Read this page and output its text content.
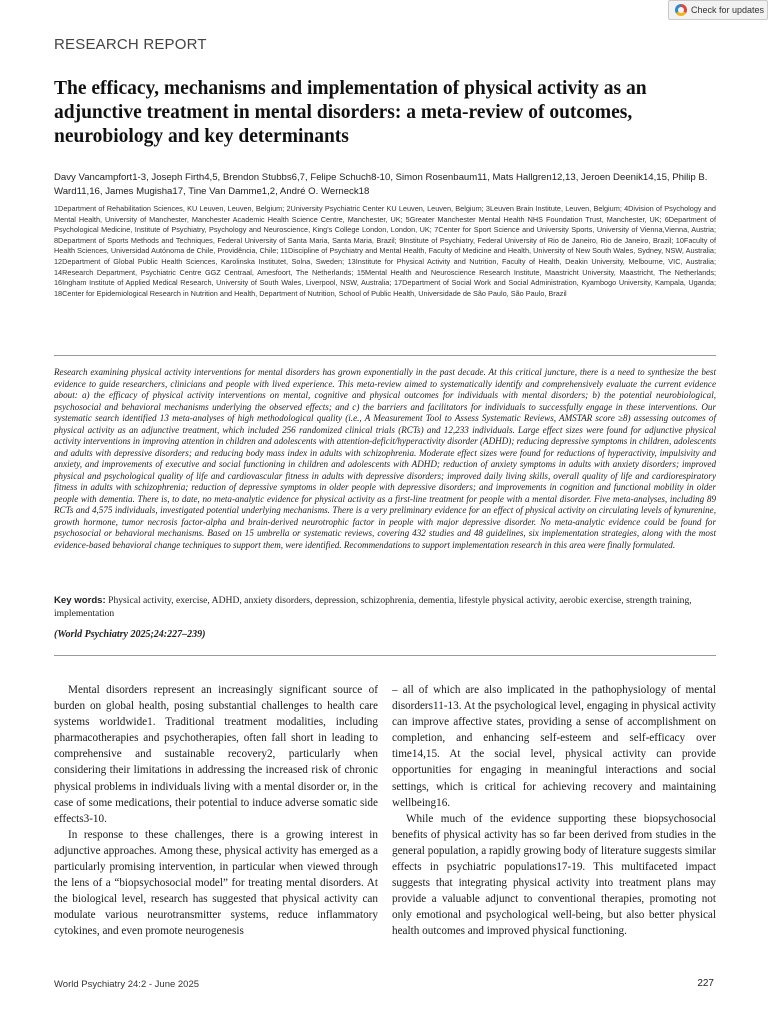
Check for updates
RESEARCH REPORT
The efficacy, mechanisms and implementation of physical activity as an adjunctive treatment in mental disorders: a meta-review of outcomes, neurobiology and key determinants
Davy Vancampfort1-3, Joseph Firth4,5, Brendon Stubbs6,7, Felipe Schuch8-10, Simon Rosenbaum11, Mats Hallgren12,13, Jeroen Deenik14,15, Philip B. Ward11,16, James Mugisha17, Tine Van Damme1,2, André O. Werneck18
1Department of Rehabilitation Sciences, KU Leuven, Leuven, Belgium; 2University Psychiatric Center KU Leuven, Leuven, Belgium; 3Leuven Brain Institute, Leuven, Belgium; 4Division of Psychology and Mental Health, University of Manchester, Manchester Academic Health Science Centre, Manchester, UK; 5Greater Manchester Mental Health NHS Foundation Trust, Manchester, UK; 6Department of Psychological Medicine, Institute of Psychiatry, Psychology and Neuroscience, King's College London, London, UK; 7Center for Sport Science and University Sports, University of Vienna,Vienna, Austria; 8Department of Sports Methods and Techniques, Federal University of Santa Maria, Santa Maria, Brazil; 9Institute of Psychiatry, Federal University of Rio de Janeiro, Rio de Janeiro, Brazil; 10Faculty of Health Sciences, Universidad Autónoma de Chile, Providência, Chile; 11Discipline of Psychiatry and Mental Health, Faculty of Medicine and Health, University of New South Wales, Sydney, NSW, Australia; 12Department of Global Public Health Sciences, Karolinska Institutet, Solna, Sweden; 13Institute for Physical Activity and Nutrition, Faculty of Health, Deakin University, Melbourne, VIC, Australia; 14Research Department, Psychiatric Centre GGZ Centraal, Amesfoort, The Netherlands; 15Mental Health and Neuroscience Research Institute, Maastricht University, Maastricht, The Netherlands; 16Ingham Institute of Applied Medical Research, University of South Wales, Liverpool, NSW, Australia; 17Department of Social Work and Social Administration, Kyambogo University, Kampala, Uganda; 18Center for Epidemiological Research in Nutrition and Health, Department of Nutrition, School of Public Health, Universidade de São Paulo, São Paulo, Brazil
Research examining physical activity interventions for mental disorders has grown exponentially in the past decade. At this critical juncture, there is a need to synthesize the best evidence to guide researchers, clinicians and people with lived experience. This meta-review aimed to systematically identify and comprehensively evaluate the current evidence about: a) the efficacy of physical activity interventions on mental, cognitive and physical outcomes for individuals with mental disorders; b) the potential neurobiological, psychosocial and behavioral mechanisms underlying the observed effects; and c) the barriers and facilitators for individuals to successfully engage in these interventions. Our systematic search identified 13 meta-analyses of high methodological quality (i.e., A Measurement Tool to Assess Systematic Reviews, AMSTAR score ≥8) assessing outcomes of physical activity as an adjunctive treatment, which included 256 randomized clinical trials (RCTs) and 12,233 individuals. Large effect sizes were found for adjunctive physical activity interventions in improving attention in children and adolescents with attention-deficit/hyperactivity disorder (ADHD); reducing depressive symptoms in children, adolescents and adults with depressive disorders; and reducing body mass index in adults with schizophrenia. Moderate effect sizes were found for reductions of hyperactivity, impulsivity and anxiety, and improvements of executive and social functioning in children and adolescents with ADHD; reduction of anxiety symptoms in adults with anxiety disorders; improved physical and psychological quality of life and cardiovascular fitness in adults with depressive disorders; improved daily living skills, overall quality of life and cardiorespiratory fitness in adults with schizophrenia; reduction of depressive symptoms in older people with depressive disorders; and improvements in cognition and functional mobility in older people with dementia. There is, to date, no meta-analytic evidence for physical activity as a first-line treatment for people with a mental disorder. Five meta-analyses, including 89 RCTs and 4,575 individuals, investigated potential underlying mechanisms. There is a very preliminary evidence for an effect of physical activity on circulating levels of kynurenine, growth hormone, tumor necrosis factor-alpha and brain-derived neurotrophic factor in people with major depressive disorder. No meta-analytic evidence could be found for psychosocial or behavioral mechanisms. Based on 15 umbrella or systematic reviews, covering 432 studies and 48 guidelines, six implementation strategies, along with the most evidence-based behavioral change techniques to support them, were identified. Recommendations to support implementation research in this area were finally formulated.
Key words: Physical activity, exercise, ADHD, anxiety disorders, depression, schizophrenia, dementia, lifestyle physical activity, aerobic exercise, strength training, implementation
(World Psychiatry 2025;24:227–239)

Mental disorders represent an increasingly significant source of burden on global health, posing substantial challenges to health care systems worldwide1. Traditional treatment modalities, including pharmacotherapies and psychotherapies, often fall short in leading to comprehensive and sustainable recovery2, particularly when considering their limitations in addressing the increased risk of chronic physical problems in individuals living with a mental disorder or, in the case of some medications, their potential to induce adverse somatic side effects3-10.

In response to these challenges, there is a growing interest in adjunctive approaches. Among these, physical activity has emerged as a particularly promising intervention, in particular when viewed through the lens of a “biopsychosocial model” for treating mental disorders. At the biological level, research has suggested that physical activity can modulate various neurotransmitter systems, reduce inflammatory cytokines, and even promote neurogenesis

– all of which are also implicated in the pathophysiology of mental disorders11-13. At the psychological level, engaging in physical activity can improve affective states, providing a sense of accomplishment on completion, and enhancing self-esteem and self-efficacy over time14,15. At the social level, physical activity can provide opportunities for engaging in meaningful interactions and social settings, which is critical for achieving recovery and maintaining wellbeing16.

While much of the evidence supporting these biopsychosocial benefits of physical activity has so far been derived from studies in the general population, a rapidly growing body of literature suggests similar effects in psychiatric populations17-19. This multifaceted impact suggests that integrating physical activity into treatment plans may provide a valuable adjunct to conventional therapies, promoting not only emotional and psychological well-being, but also better physical health outcomes and improved physical functioning.

World Psychiatry 24:2 - June 2025	227
